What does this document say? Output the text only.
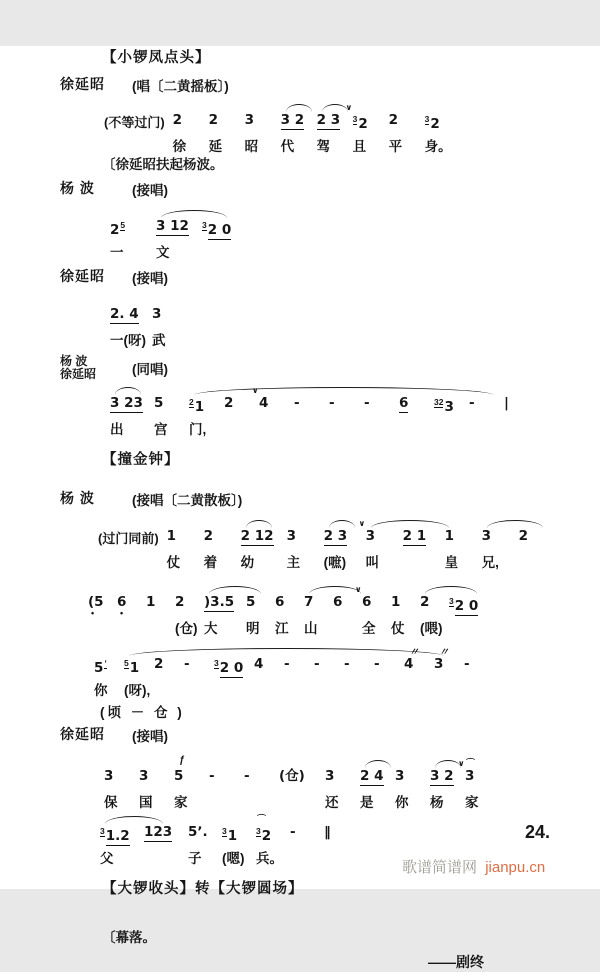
【小锣凤点头】
徐延昭	(唱〔二黄摇板〕)
(不等过门) 2
徐
2
延
3
昭
3 2
代
2 3
驾
∨
$^3$2
且
2
平
$^3$2
身。
〔徐延昭扶起杨波。
杨 波	(接唱)
$2^5$
一
3 12
文
$^3$2 0
徐延昭	(接唱)
2. 4
一(呀)
3
武
杨 波
徐延昭	(同唱)
3 23
出
5
宫
$^2$1
门,
2
∨
4	-	-	-	6	$^{32}$3	-	|
【撞金钟】
杨 波	(接唱〔二黄散板〕)
(过门同前) 1
仗
2
着
2 12
幼
3
主
2 3
(嗻)
∨
3
叫
2 1	1
皇
3
兄,
2
(5
•
6
•
1	2
(仓)
)3.5
大
5
明
6
江
7
山
6
∨
6
全
1
仗
2
(喂)
$^3$2 0
$5^ʼ$
你
$^5$1
(呀),
2	-	$^3$2 0 4	-	-	-	-
〃
4
〃
3	-
(顷 － 仓 )
徐延昭	(接唱)
3
保
3
国
ƒ
5
家
-	-	(仓)	3
还
2 4
是
3
你
3 2
杨
∨ ⌒
3
家
$^3$1.2
父
123	5ʼ.
子
$^3$1
(嗯)
⌒
$^3$2
兵。
-	‖
【大锣收头】转【大锣圆场】
〔幕落。
——剧终
24.
歌谱简谱网 jianpu.cn
